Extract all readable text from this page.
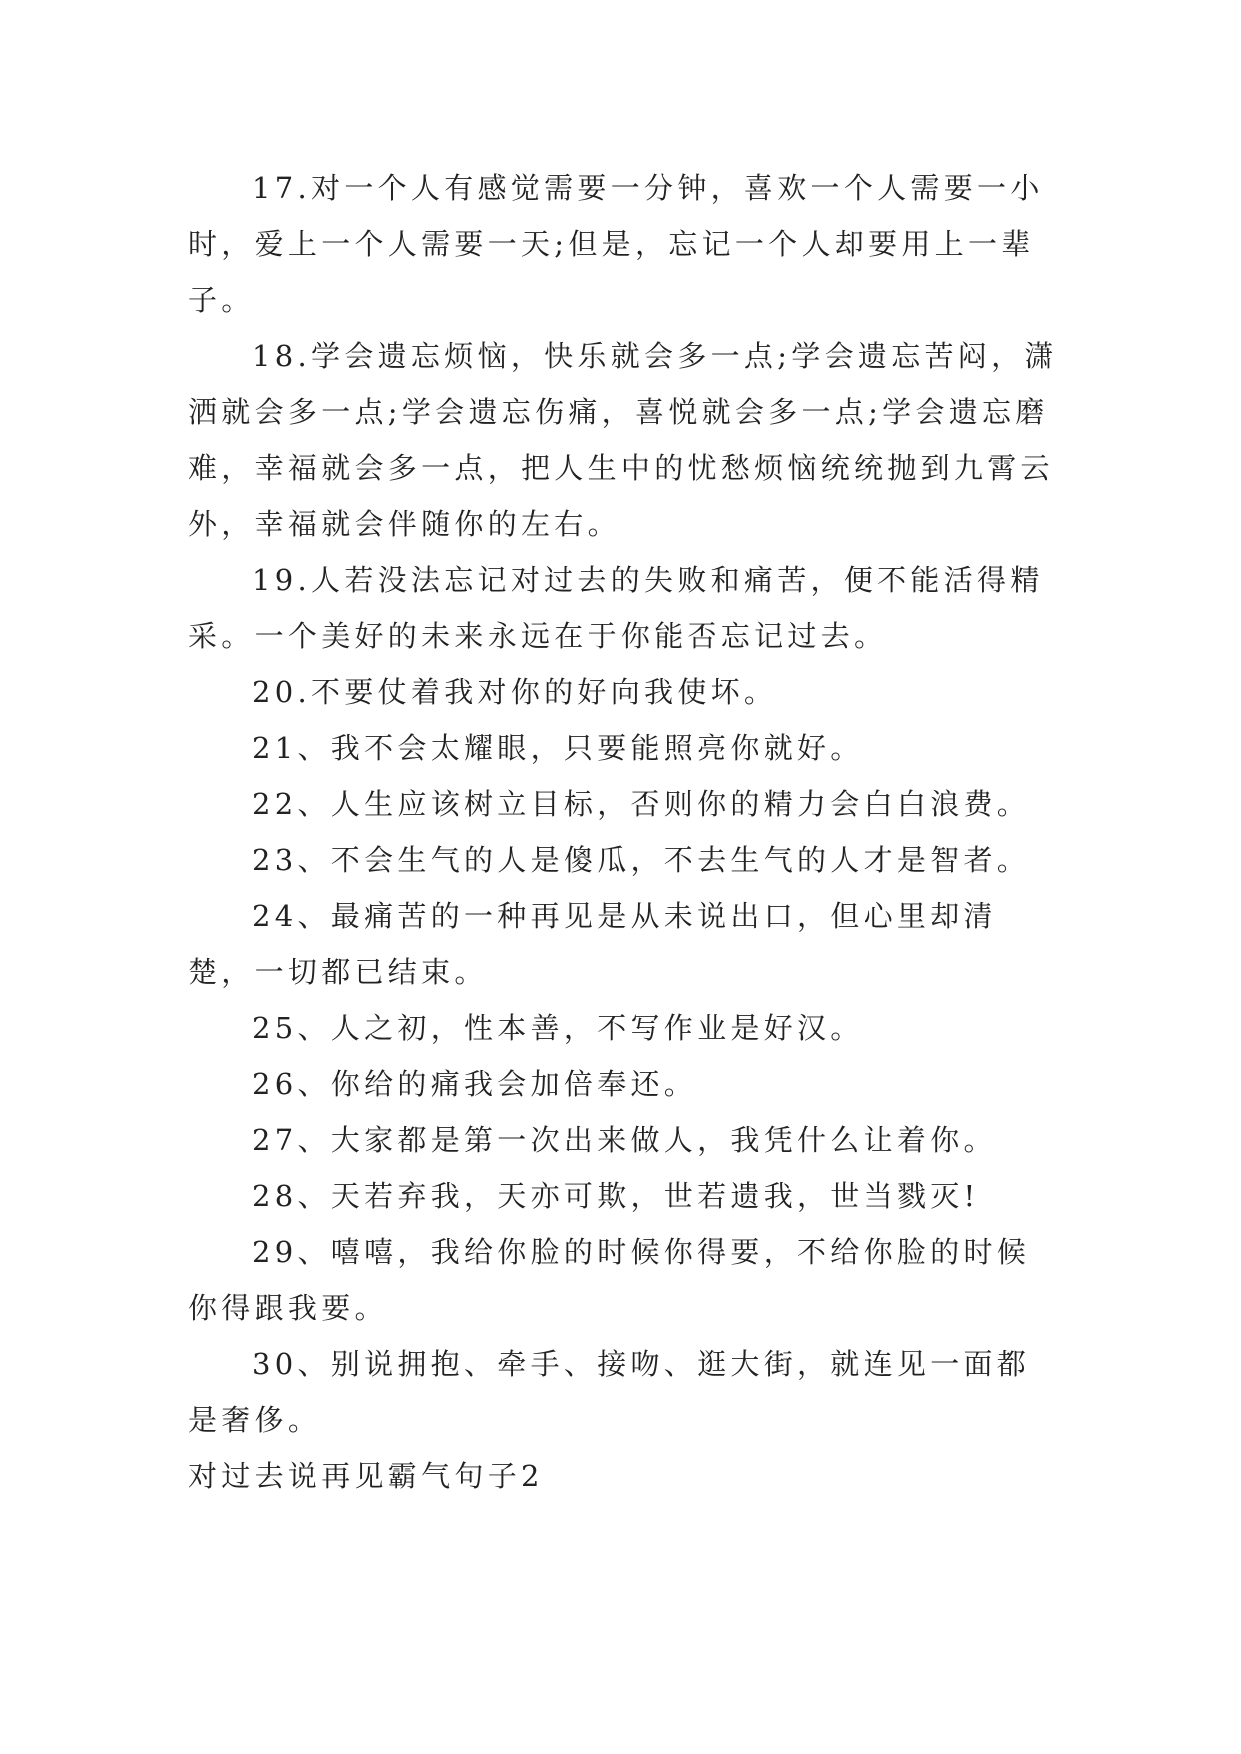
17.对一个人有感觉需要一分钟，喜欢一个人需要一小时，爱上一个人需要一天;但是，忘记一个人却要用上一辈子。

18.学会遗忘烦恼，快乐就会多一点;学会遗忘苦闷，潇洒就会多一点;学会遗忘伤痛，喜悦就会多一点;学会遗忘磨难，幸福就会多一点，把人生中的忧愁烦恼统统抛到九霄云外，幸福就会伴随你的左右。

19.人若没法忘记对过去的失败和痛苦，便不能活得精采。一个美好的未来永远在于你能否忘记过去。

20.不要仗着我对你的好向我使坏。

21、我不会太耀眼，只要能照亮你就好。

22、人生应该树立目标，否则你的精力会白白浪费。

23、不会生气的人是傻瓜，不去生气的人才是智者。

24、最痛苦的一种再见是从未说出口，但心里却清楚，一切都已结束。

25、人之初，性本善，不写作业是好汉。

26、你给的痛我会加倍奉还。

27、大家都是第一次出来做人，我凭什么让着你。

28、天若弃我，天亦可欺，世若遗我，世当戮灭!

29、嘻嘻，我给你脸的时候你得要，不给你脸的时候你得跟我要。

30、别说拥抱、牵手、接吻、逛大街，就连见一面都是奢侈。

对过去说再见霸气句子2
